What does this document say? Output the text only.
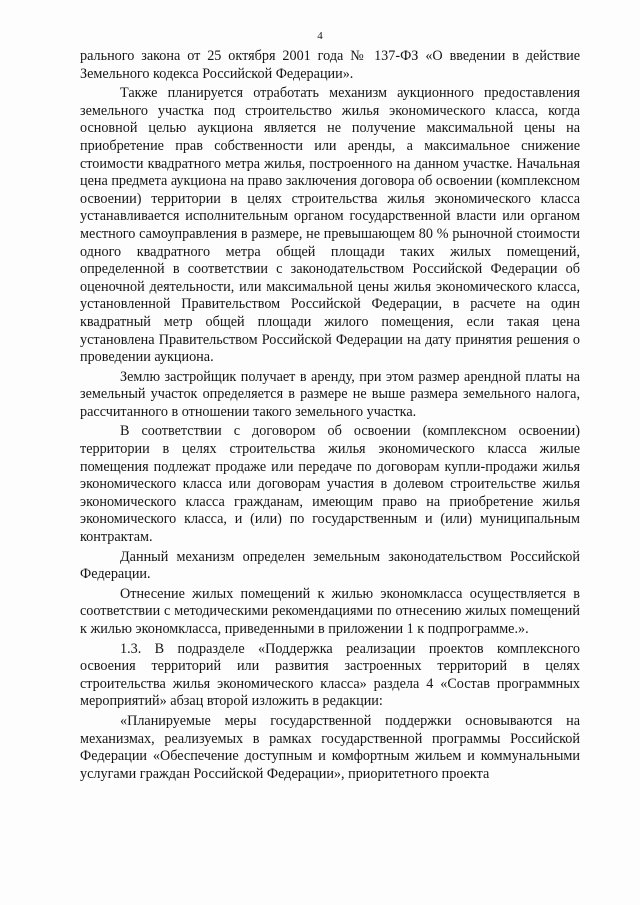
4

рального закона от 25 октября 2001 года № 137-ФЗ «О введении в действие Земельного кодекса Российской Федерации».

Также планируется отработать механизм аукционного предоставления земельного участка под строительство жилья экономического класса, когда основной целью аукциона является не получение максимальной цены на приобретение прав собственности или аренды, а максимальное снижение стоимости квадратного метра жилья, построенного на данном участке. Начальная цена предмета аукциона на право заключения договора об освоении (комплексном освоении) территории в целях строительства жилья экономического класса устанавливается исполнительным органом государственной власти или органом местного самоуправления в размере, не превышающем 80 % рыночной стоимости одного квадратного метра общей площади таких жилых помещений, определенной в соответствии с законодательством Российской Федерации об оценочной деятельности, или максимальной цены жилья экономического класса, установленной Правительством Российской Федерации, в расчете на один квадратный метр общей площади жилого помещения, если такая цена установлена Правительством Российской Федерации на дату принятия решения о проведении аукциона.

Землю застройщик получает в аренду, при этом размер арендной платы на земельный участок определяется в размере не выше размера земельного налога, рассчитанного в отношении такого земельного участка.

В соответствии с договором об освоении (комплексном освоении) территории в целях строительства жилья экономического класса жилые помещения подлежат продаже или передаче по договорам купли-продажи жилья экономического класса или договорам участия в долевом строительстве жилья экономического класса гражданам, имеющим право на приобретение жилья экономического класса, и (или) по государственным и (или) муниципальным контрактам.

Данный механизм определен земельным законодательством Российской Федерации.

Отнесение жилых помещений к жилью экономкласса осуществляется в соответствии с методическими рекомендациями по отнесению жилых помещений к жилью экономкласса, приведенными в приложении 1 к подпрограмме.».

1.3. В подразделе «Поддержка реализации проектов комплексного освоения территорий или развития застроенных территорий в целях строительства жилья экономического класса» раздела 4 «Состав программных мероприятий» абзац второй изложить в редакции:

«Планируемые меры государственной поддержки основываются на механизмах, реализуемых в рамках государственной программы Российской Федерации «Обеспечение доступным и комфортным жильем и коммунальными услугами граждан Российской Федерации», приоритетного проекта
